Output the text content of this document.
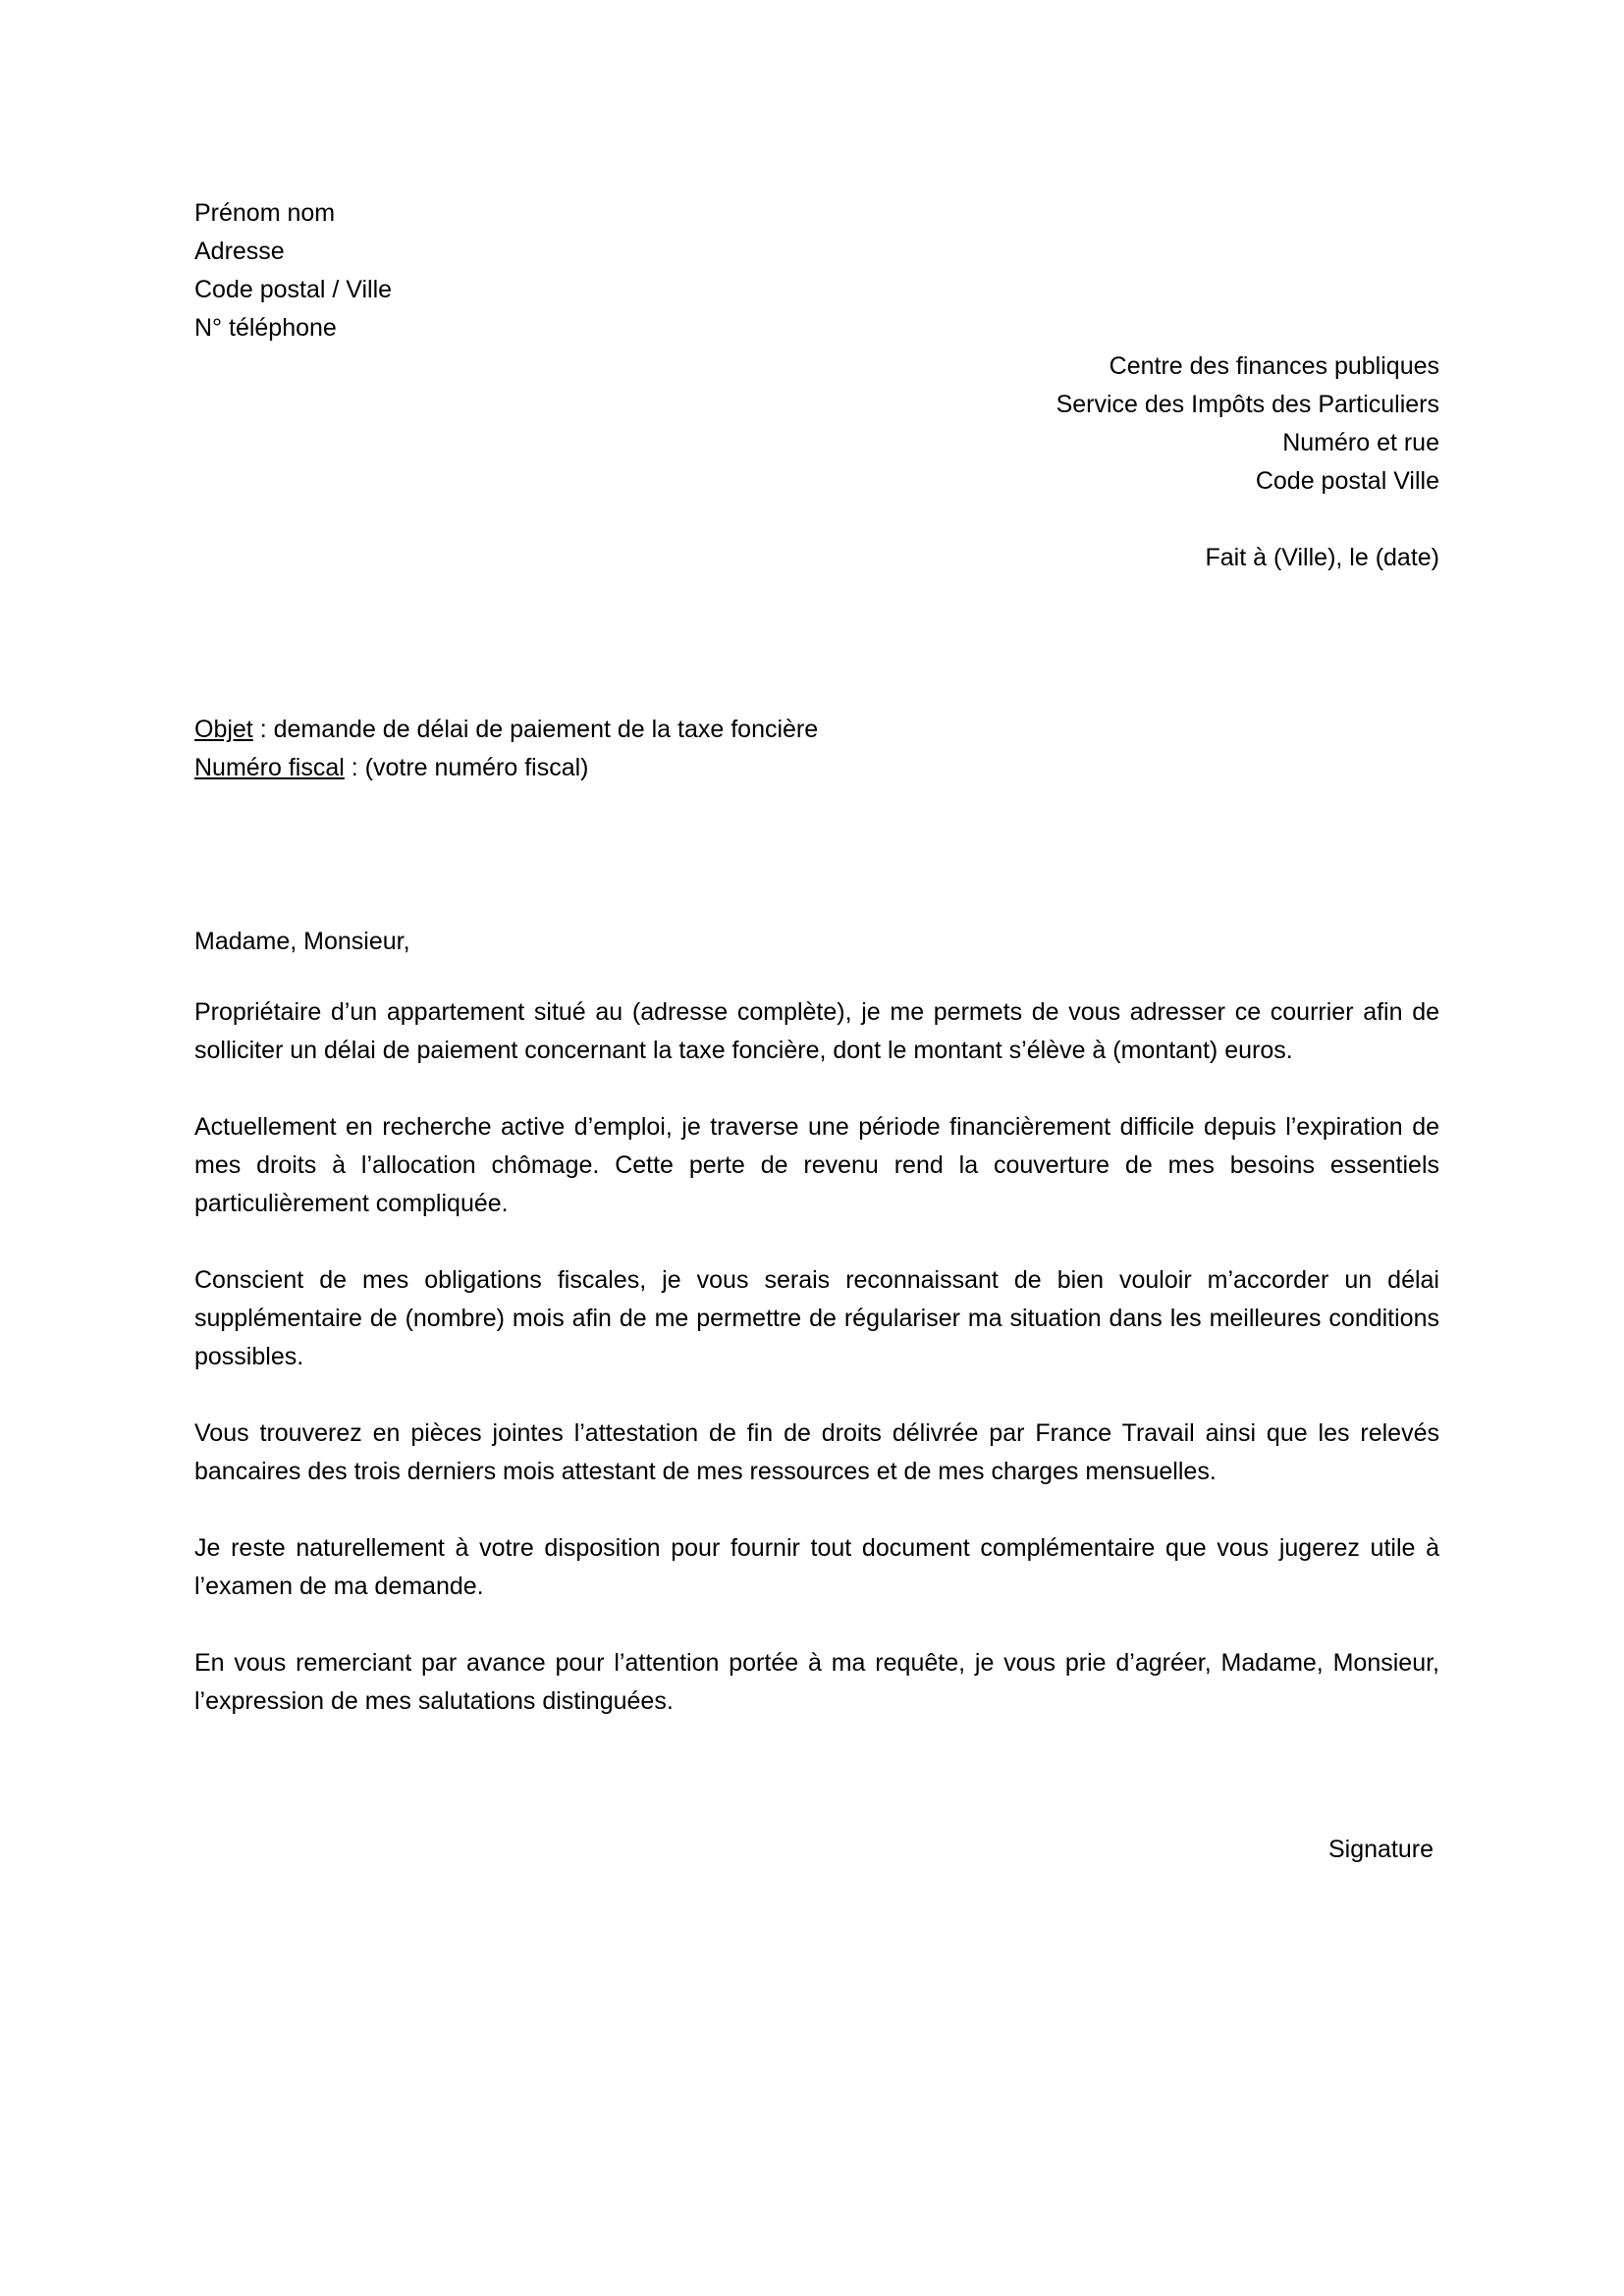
Prénom nom
Adresse
Code postal / Ville
N° téléphone
Centre des finances publiques
Service des Impôts des Particuliers
Numéro et rue
Code postal Ville
Fait à (Ville), le (date)
Objet : demande de délai de paiement de la taxe foncière
Numéro fiscal : (votre numéro fiscal)
Madame, Monsieur,
Propriétaire d’un appartement situé au (adresse complète), je me permets de vous adresser ce courrier afin de solliciter un délai de paiement concernant la taxe foncière, dont le montant s’élève à (montant) euros.
Actuellement en recherche active d’emploi, je traverse une période financièrement difficile depuis l’expiration de mes droits à l’allocation chômage. Cette perte de revenu rend la couverture de mes besoins essentiels particulièrement compliquée.
Conscient de mes obligations fiscales, je vous serais reconnaissant de bien vouloir m’accorder un délai supplémentaire de (nombre) mois afin de me permettre de régulariser ma situation dans les meilleures conditions possibles.
Vous trouverez en pièces jointes l’attestation de fin de droits délivrée par France Travail ainsi que les relevés bancaires des trois derniers mois attestant de mes ressources et de mes charges mensuelles.
Je reste naturellement à votre disposition pour fournir tout document complémentaire que vous jugerez utile à l’examen de ma demande.
En vous remerciant par avance pour l’attention portée à ma requête, je vous prie d’agréer, Madame, Monsieur, l’expression de mes salutations distinguées.
Signature
